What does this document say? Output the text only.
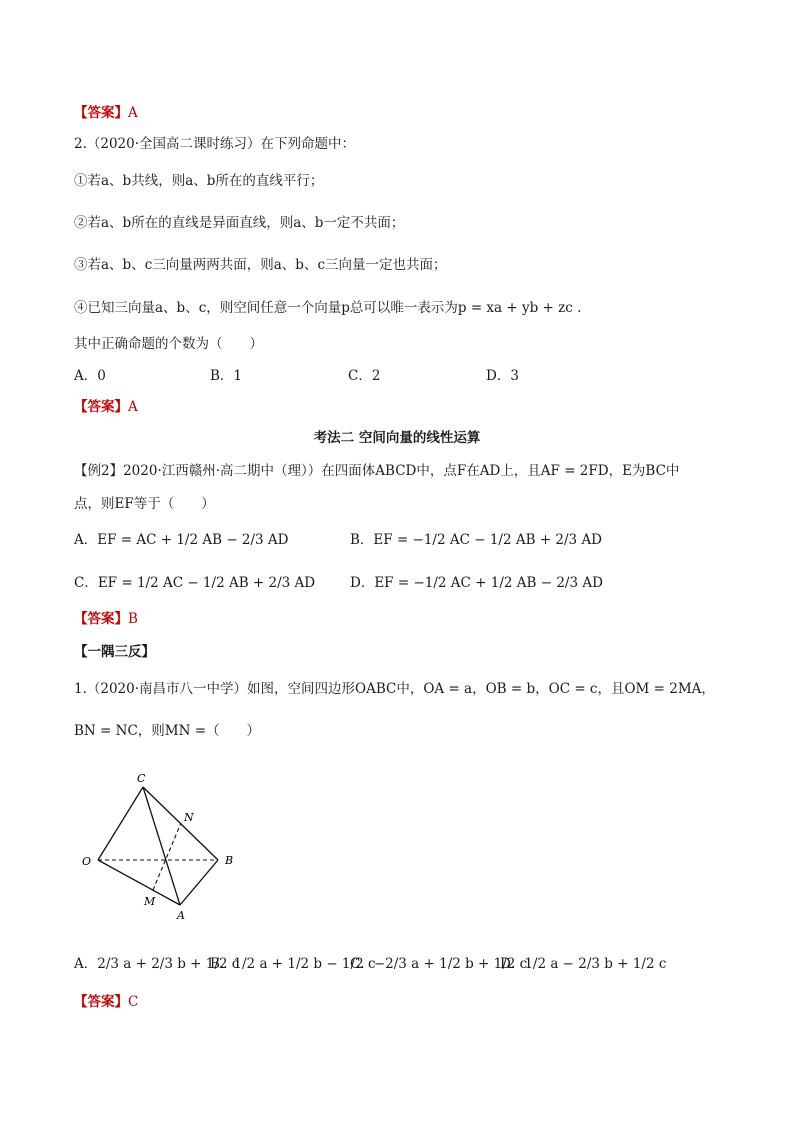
【答案】A
2.（2020·全国高二课时练习）在下列命题中：
①若a、b共线，则a、b所在的直线平行；
②若a、b所在的直线是异面直线，则a、b一定不共面；
③若a、b、c三向量两两共面，则a、b、c三向量一定也共面；
④已知三向量a、b、c，则空间任意一个向量p总可以唯一表示为p = xa + yb + zc .
其中正确命题的个数为（　　）
A．0	B．1	C．2	D．3
【答案】A
考法二 空间向量的线性运算
【例2】2020·江西赣州·高二期中（理））在四面体ABCD中，点F在AD上，且AF = 2FD，E为BC中
点，则EF等于（　　）
A．EF = AC + 1/2 AB − 2/3 AD	B．EF = −1/2 AC − 1/2 AB + 2/3 AD
C．EF = 1/2 AC − 1/2 AB + 2/3 AD	D．EF = −1/2 AC + 1/2 AB − 2/3 AD
【答案】B
【一隅三反】
1.（2020·南昌市八一中学）如图，空间四边形OABC中，OA = a，OB = b，OC = c，且OM = 2MA，
BN = NC，则MN =（　　）
C
N
O	B
M
A
A．2/3 a + 2/3 b + 1/2 c
B．1/2 a + 1/2 b − 1/2 c
C．−2/3 a + 1/2 b + 1/2 c
D．1/2 a − 2/3 b + 1/2 c
【答案】C
